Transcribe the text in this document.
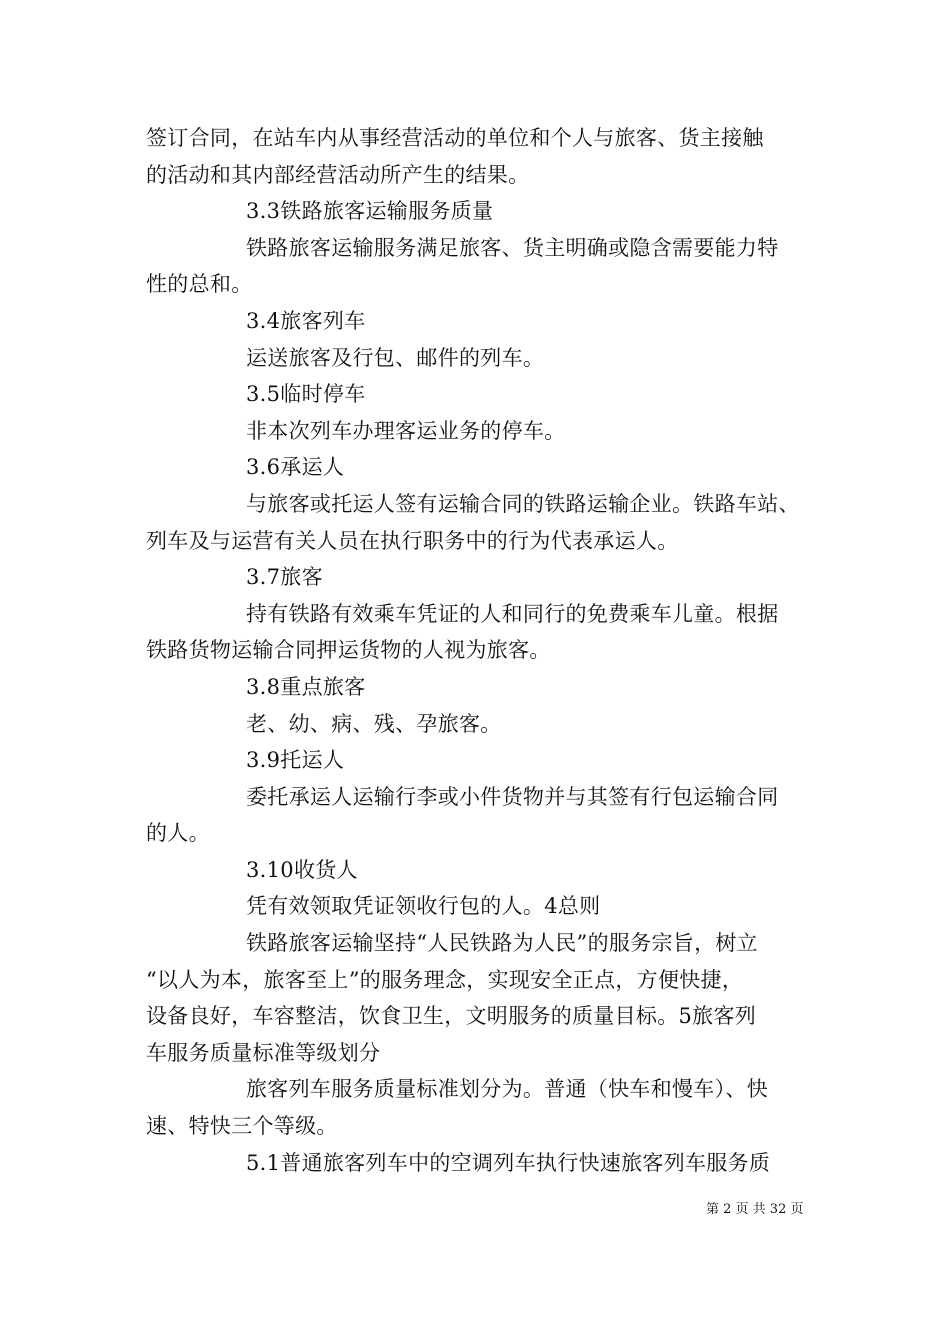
签订合同，在站车内从事经营活动的单位和个人与旅客、货主接触
的活动和其内部经营活动所产生的结果。
3.3铁路旅客运输服务质量
铁路旅客运输服务满足旅客、货主明确或隐含需要能力特
性的总和。
3.4旅客列车
运送旅客及行包、邮件的列车。
3.5临时停车
非本次列车办理客运业务的停车。
3.6承运人
与旅客或托运人签有运输合同的铁路运输企业。铁路车站、
列车及与运营有关人员在执行职务中的行为代表承运人。
3.7旅客
持有铁路有效乘车凭证的人和同行的免费乘车儿童。根据
铁路货物运输合同押运货物的人视为旅客。
3.8重点旅客
老、幼、病、残、孕旅客。
3.9托运人
委托承运人运输行李或小件货物并与其签有行包运输合同
的人。
3.10收货人
凭有效领取凭证领收行包的人。4总则
铁路旅客运输坚持“人民铁路为人民”的服务宗旨，树立
“以人为本，旅客至上”的服务理念，实现安全正点，方便快捷，
设备良好，车容整洁，饮食卫生，文明服务的质量目标。5旅客列
车服务质量标准等级划分
旅客列车服务质量标准划分为。普通（快车和慢车）、快
速、特快三个等级。
5.1普通旅客列车中的空调列车执行快速旅客列车服务质
第 2 页 共 32 页
